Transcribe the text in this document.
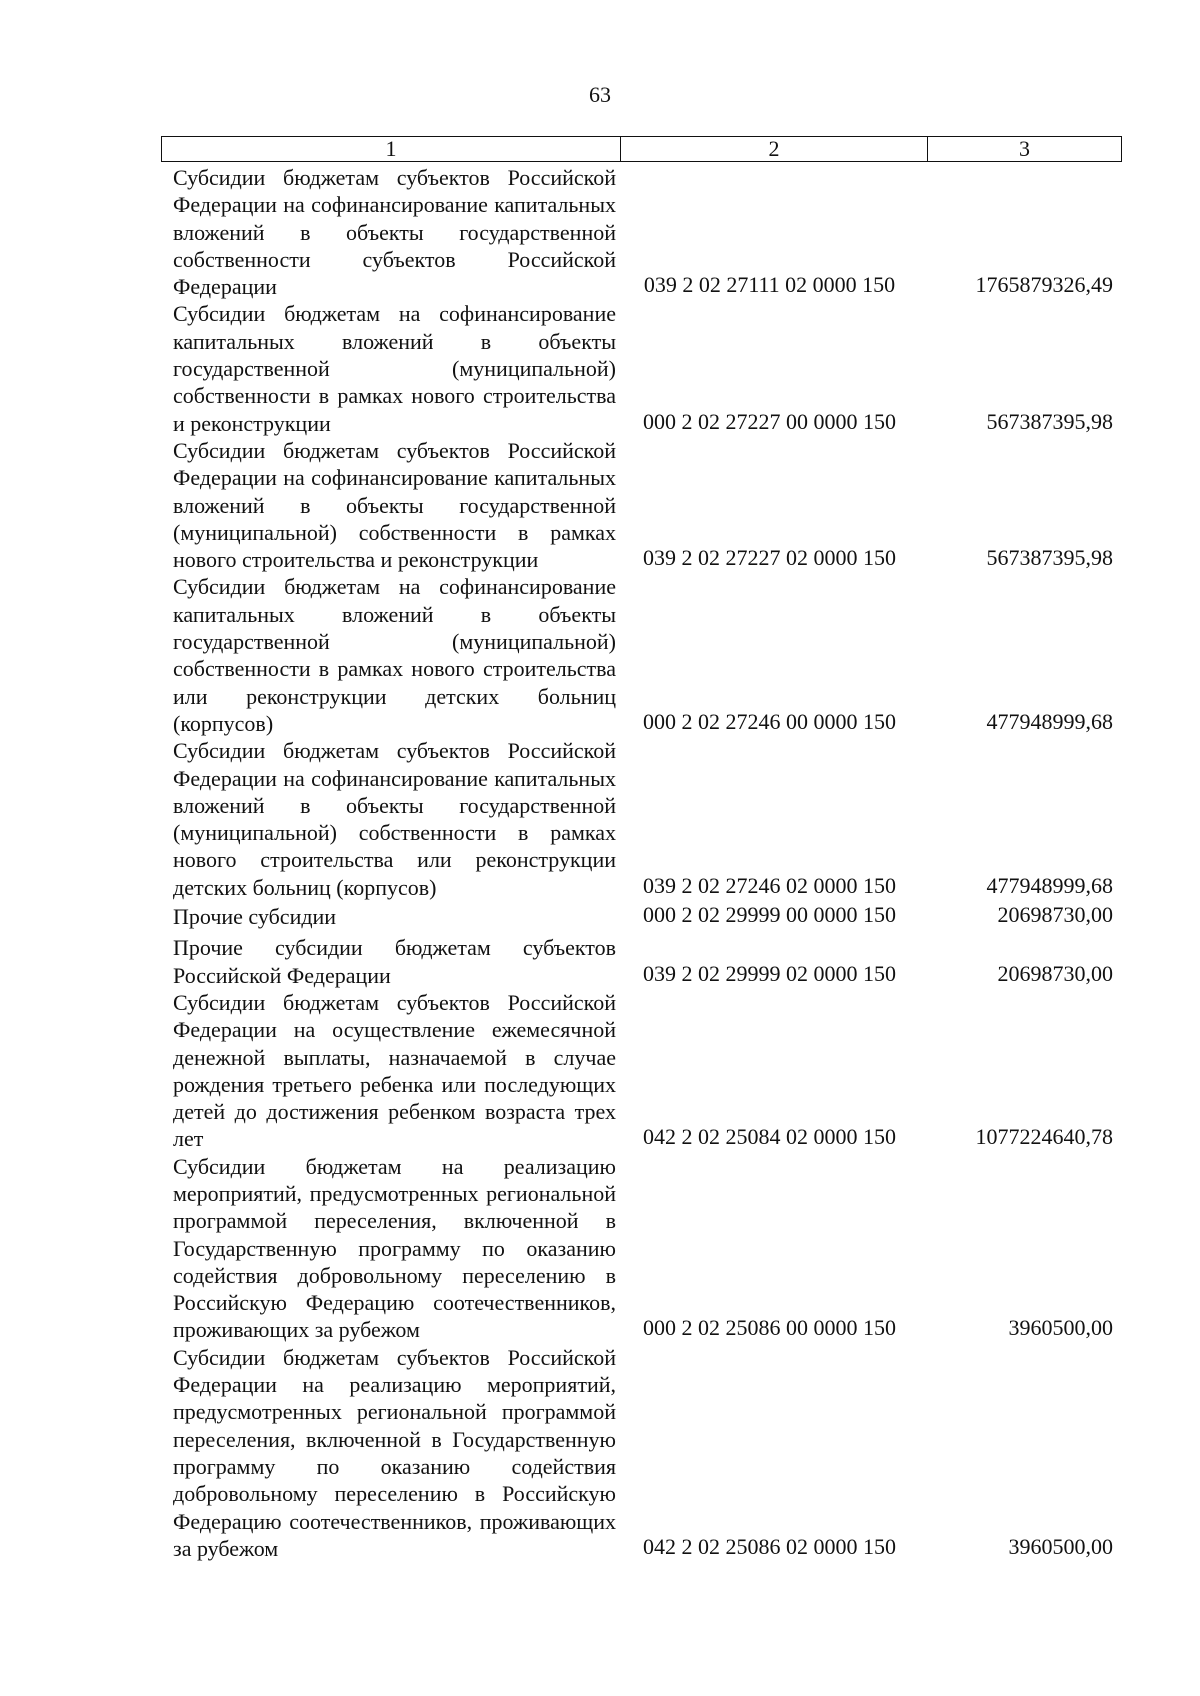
63
1	2	3
Субсидии бюджетам субъектов Российской Федерации на софинансирование капитальных вложений в объекты государственной собственности субъектов Российской Федерации	039 2 02 27111 02 0000 150	1765879326,49
Субсидии бюджетам на софинансирование капитальных вложений в объекты государственной (муниципальной) собственности в рамках нового строительства и реконструкции	000 2 02 27227 00 0000 150	567387395,98
Субсидии бюджетам субъектов Российской Федерации на софинансирование капитальных вложений в объекты государственной (муниципальной) собственности в рамках нового строительства и реконструкции	039 2 02 27227 02 0000 150	567387395,98
Субсидии бюджетам на софинансирование капитальных вложений в объекты государственной (муниципальной) собственности в рамках нового строительства или реконструкции детских больниц (корпусов)	000 2 02 27246 00 0000 150	477948999,68
Субсидии бюджетам субъектов Российской Федерации на софинансирование капитальных вложений в объекты государственной (муниципальной) собственности в рамках нового строительства или реконструкции детских больниц (корпусов)	039 2 02 27246 02 0000 150	477948999,68
Прочие субсидии	000 2 02 29999 00 0000 150	20698730,00
Прочие субсидии бюджетам субъектов Российской Федерации	039 2 02 29999 02 0000 150	20698730,00
Субсидии бюджетам субъектов Российской Федерации на осуществление ежемесячной денежной выплаты, назначаемой в случае рождения третьего ребенка или последующих детей до достижения ребенком возраста трех лет	042 2 02 25084 02 0000 150	1077224640,78
Субсидии бюджетам на реализацию мероприятий, предусмотренных региональной программой переселения, включенной в Государственную программу по оказанию содействия добровольному переселению в Российскую Федерацию соотечественников, проживающих за рубежом	000 2 02 25086 00 0000 150	3960500,00
Субсидии бюджетам субъектов Российской Федерации на реализацию мероприятий, предусмотренных региональной программой переселения, включенной в Государственную программу по оказанию содействия добровольному переселению в Российскую Федерацию соотечественников, проживающих за рубежом	042 2 02 25086 02 0000 150	3960500,00
